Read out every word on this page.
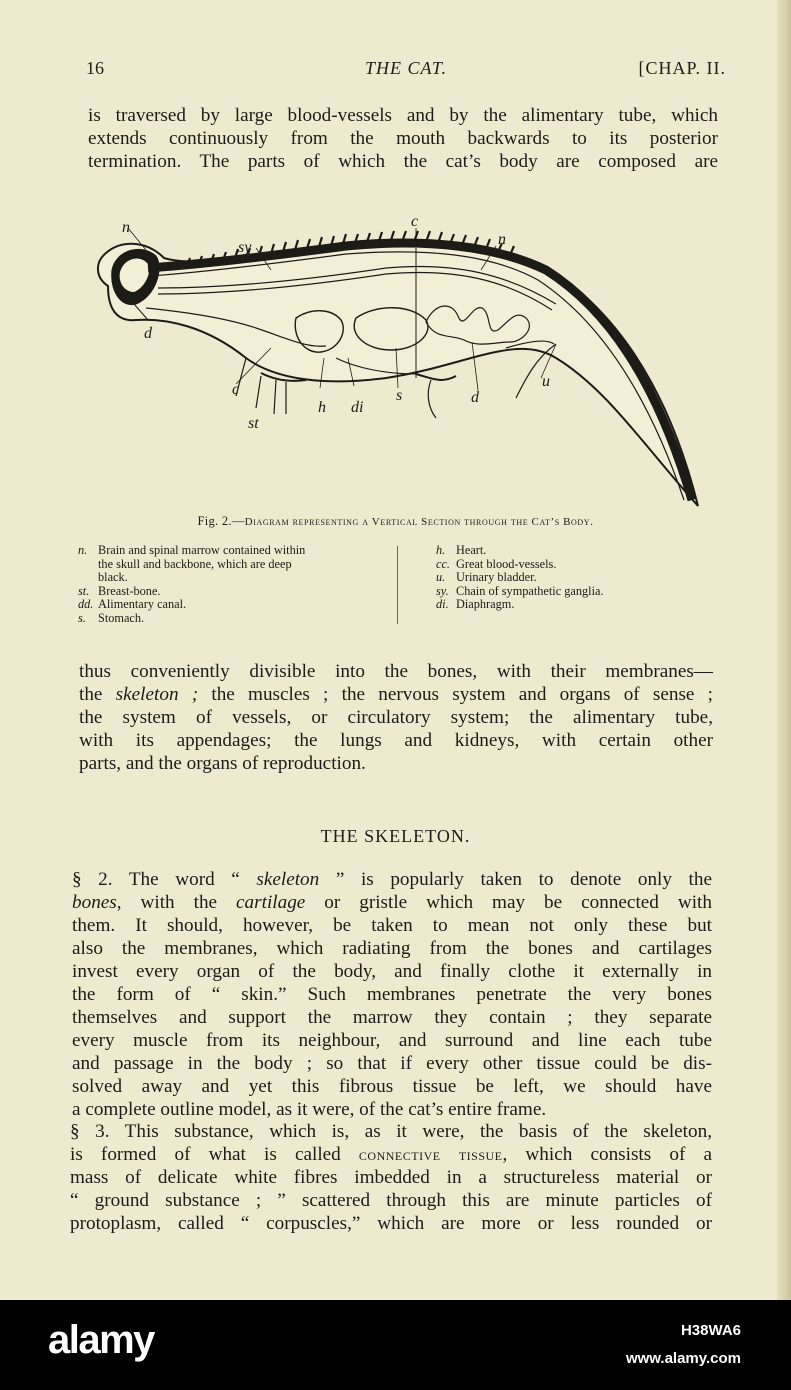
16	THE CAT.	[CHAP. II.
is traversed by large blood-vessels and by the alimentary tube, which
extends continuously from the mouth backwards to its posterior
termination. The parts of which the cat’s body are composed are
n
sy
c
n
d
c
st
h di
s	d
u
Fig. 2.—Diagram representing a Vertical Section through the Cat’s Body.
n. Brain and spinal marrow contained within
the skull and backbone, which are deep
black.
st. Breast-bone.
dd. Alimentary canal.
s. Stomach.
h. Heart.
cc. Great blood-vessels.
u. Urinary bladder.
sy. Chain of sympathetic ganglia.
di. Diaphragm.
thus conveniently divisible into the bones, with their membranes—
the skeleton ; the muscles ; the nervous system and organs of sense ;
the system of vessels, or circulatory system; the alimentary tube,
with its appendages; the lungs and kidneys, with certain other
parts, and the organs of reproduction.
THE SKELETON.
§ 2. The word “ skeleton ” is popularly taken to denote only the
bones, with the cartilage or gristle which may be connected with
them. It should, however, be taken to mean not only these but
also the membranes, which radiating from the bones and cartilages
invest every organ of the body, and finally clothe it externally in
the form of “ skin.” Such membranes penetrate the very bones
themselves and support the marrow they contain ; they separate
every muscle from its neighbour, and surround and line each tube
and passage in the body ; so that if every other tissue could be dis-
solved away and yet this fibrous tissue be left, we should have
a complete outline model, as it were, of the cat’s entire frame.
§ 3. This substance, which is, as it were, the basis of the skeleton,
is formed of what is called connective tissue, which consists of a
mass of delicate white fibres imbedded in a structureless material or
“ ground substance ; ” scattered through this are minute particles of
protoplasm, called “ corpuscles,” which are more or less rounded or
alamy	H38WA6
www.alamy.com
